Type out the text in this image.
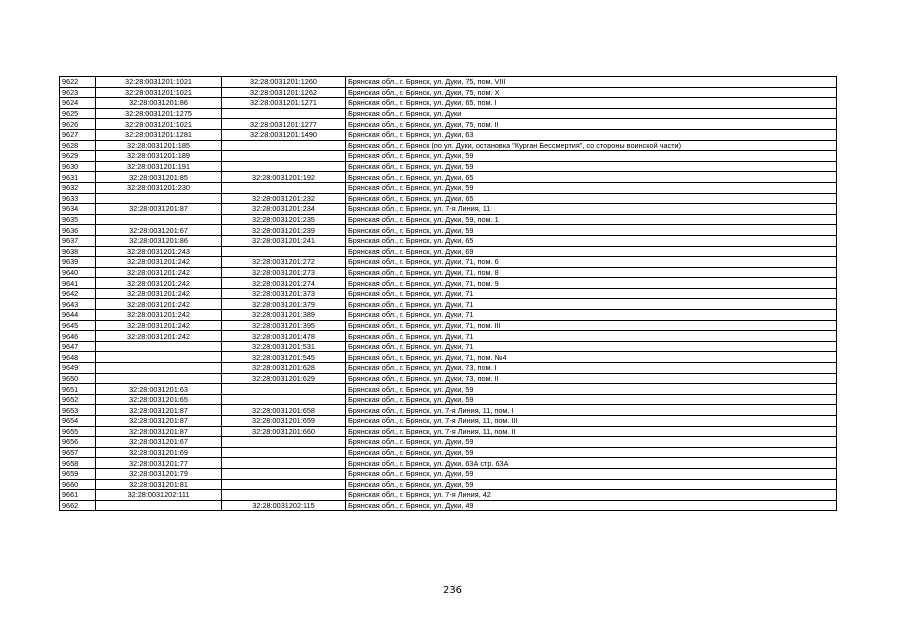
9622	32:28:0031201:1021	32:28:0031201:1260	Брянская обл., г. Брянск, ул. Дуки, 75, пом. VIII
9623	32:28:0031201:1021	32:28:0031201:1262	Брянская обл., г. Брянск, ул. Дуки, 75, пом. X
9624	32:28:0031201:86	32:28:0031201:1271	Брянская обл., г. Брянск, ул. Дуки, 65, пом. I
9625	32:28:0031201:1275		Брянская обл., г. Брянск, ул. Дуки
9626	32:28:0031201:1021	32:28:0031201:1277	Брянская обл., г. Брянск, ул. Дуки, 75, пом. II
9627	32:28:0031201:1281	32:28:0031201:1490	Брянская обл., г. Брянск, ул. Дуки, 63
9628	32:28:0031201:185		Брянская обл., г. Брянск (по ул. Дуки, остановка "Курган Бессмертия", со стороны воинской части)
9629	32:28:0031201:189		Брянская обл., г. Брянск, ул. Дуки, 59
9630	32:28:0031201:191		Брянская обл., г. Брянск, ул. Дуки, 59
9631	32:28:0031201:85	32:28:0031201:192	Брянская обл., г. Брянск, ул. Дуки, 65
9632	32:28:0031201:230		Брянская обл., г. Брянск, ул. Дуки, 59
9633		32:28:0031201:232	Брянская обл., г. Брянск, ул. Дуки, 65
9634	32:28:0031201:87	32:28:0031201:234	Брянская обл., г. Брянск, ул. 7-я Линия, 11
9635		32:28:0031201:235	Брянская обл., г. Брянск, ул. Дуки, 59, пом. 1
9636	32:28:0031201:67	32:28:0031201:239	Брянская обл., г. Брянск, ул. Дуки, 59
9637	32:28:0031201:86	32:28:0031201:241	Брянская обл., г. Брянск, ул. Дуки, 65
9638	32:28:0031201:243		Брянская обл., г. Брянск, ул. Дуки, 69
9639	32:28:0031201:242	32:28:0031201:272	Брянская обл., г. Брянск, ул. Дуки, 71, пом. 6
9640	32:28:0031201:242	32:28:0031201:273	Брянская обл., г. Брянск, ул. Дуки, 71, пом. 8
9641	32:28:0031201:242	32:28:0031201:274	Брянская обл., г. Брянск, ул. Дуки, 71, пом. 9
9642	32:28:0031201:242	32:28:0031201:373	Брянская обл., г. Брянск, ул. Дуки, 71
9643	32:28:0031201:242	32:28:0031201:379	Брянская обл., г. Брянск, ул. Дуки, 71
9644	32:28:0031201:242	32:28:0031201:389	Брянская обл., г. Брянск, ул. Дуки, 71
9645	32:28:0031201:242	32:28:0031201:395	Брянская обл., г. Брянск, ул. Дуки, 71, пом. III
9646	32:28:0031201:242	32:28:0031201:478	Брянская обл., г. Брянск, ул. Дуки, 71
9647		32:28:0031201:531	Брянская обл., г. Брянск, ул. Дуки, 71
9648		32:28:0031201:545	Брянская обл., г. Брянск, ул. Дуки, 71, пом. №4
9649		32:28:0031201:628	Брянская обл., г. Брянск, ул. Дуки, 73, пом. I
9650		32:28:0031201:629	Брянская обл., г. Брянск, ул. Дуки, 73, пом. II
9651	32:28:0031201:63		Брянская обл., г. Брянск, ул. Дуки, 59
9652	32:28:0031201:65		Брянская обл., г. Брянск, ул. Дуки, 59
9653	32:28:0031201:87	32:28:0031201:658	Брянская обл., г. Брянск, ул. 7-я Линия, 11, пом. I
9654	32:28:0031201:87	32:28:0031201:659	Брянская обл., г. Брянск, ул. 7-я Линия, 11, пом. III
9655	32:28:0031201:87	32:28:0031201:660	Брянская обл., г. Брянск, ул. 7-я Линия, 11, пом. II
9656	32:28:0031201:67		Брянская обл., г. Брянск, ул. Дуки, 59
9657	32:28:0031201:69		Брянская обл., г. Брянск, ул. Дуки, 59
9658	32:28:0031201:77		Брянская обл., г. Брянск, ул. Дуки, 63А стр. 63А
9659	32:28:0031201:79		Брянская обл., г. Брянск, ул. Дуки, 59
9660	32:28:0031201:81		Брянская обл., г. Брянск, ул. Дуки, 59
9661	32:28:0031202:111		Брянская обл., г. Брянск, ул. 7-я Линия, 42
9662		32:28:0031202:115	Брянская обл., г. Брянск, ул. Дуки, 49
236
